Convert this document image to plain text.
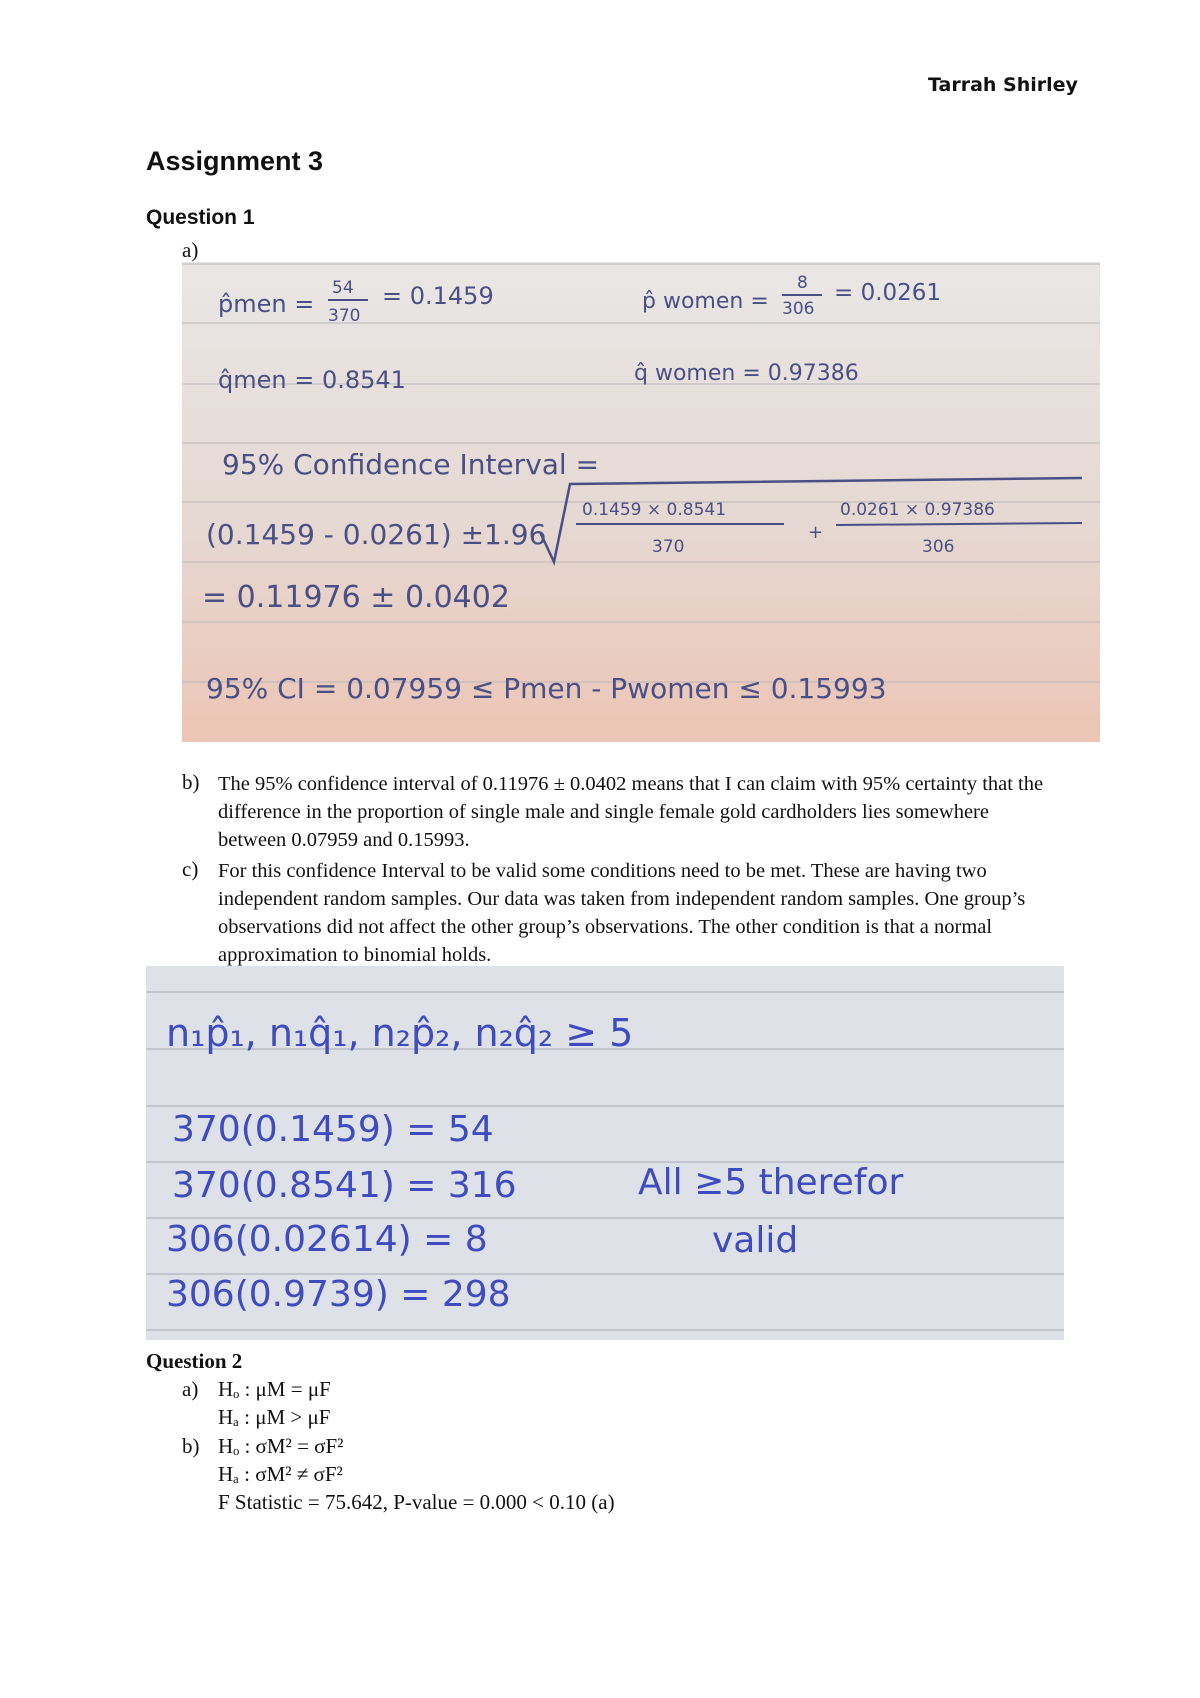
Tarrah Shirley
Assignment 3
Question 1
a)
p̂men =
54
370
= 0.1459	p̂ women =
8
306
= 0.0261
q̂men = 0.8541	q̂ women = 0.97386
95% Confidence Interval =
(0.1459 - 0.0261) ±1.96
0.1459 × 0.8541
370
+
0.0261 × 0.97386
306
= 0.11976 ± 0.0402
95% CI = 0.07959 ≤ Pmen - Pwomen ≤ 0.15993
b) The 95% confidence interval of 0.11976 ± 0.0402 means that I can claim with 95% certainty that the difference in the proportion of single male and single female gold cardholders lies somewhere between 0.07959 and 0.15993.
c) For this confidence Interval to be valid some conditions need to be met. These are having two independent random samples. Our data was taken from independent random samples. One group’s observations did not affect the other group’s observations. The other condition is that a normal approximation to binomial holds.
n₁p̂₁, n₁q̂₁, n₂p̂₂, n₂q̂₂ ≥ 5
370(0.1459) = 54
370(0.8541) = 316
306(0.02614) = 8
306(0.9739) = 298
All ≥5 therefor
valid
Question 2
a) Hₒ : μM = μF
Hₐ : μM > μF
b) Hₒ : σM² = σF²
Hₐ : σM² ≠ σF²
F Statistic = 75.642, P-value = 0.000 < 0.10 (a)
